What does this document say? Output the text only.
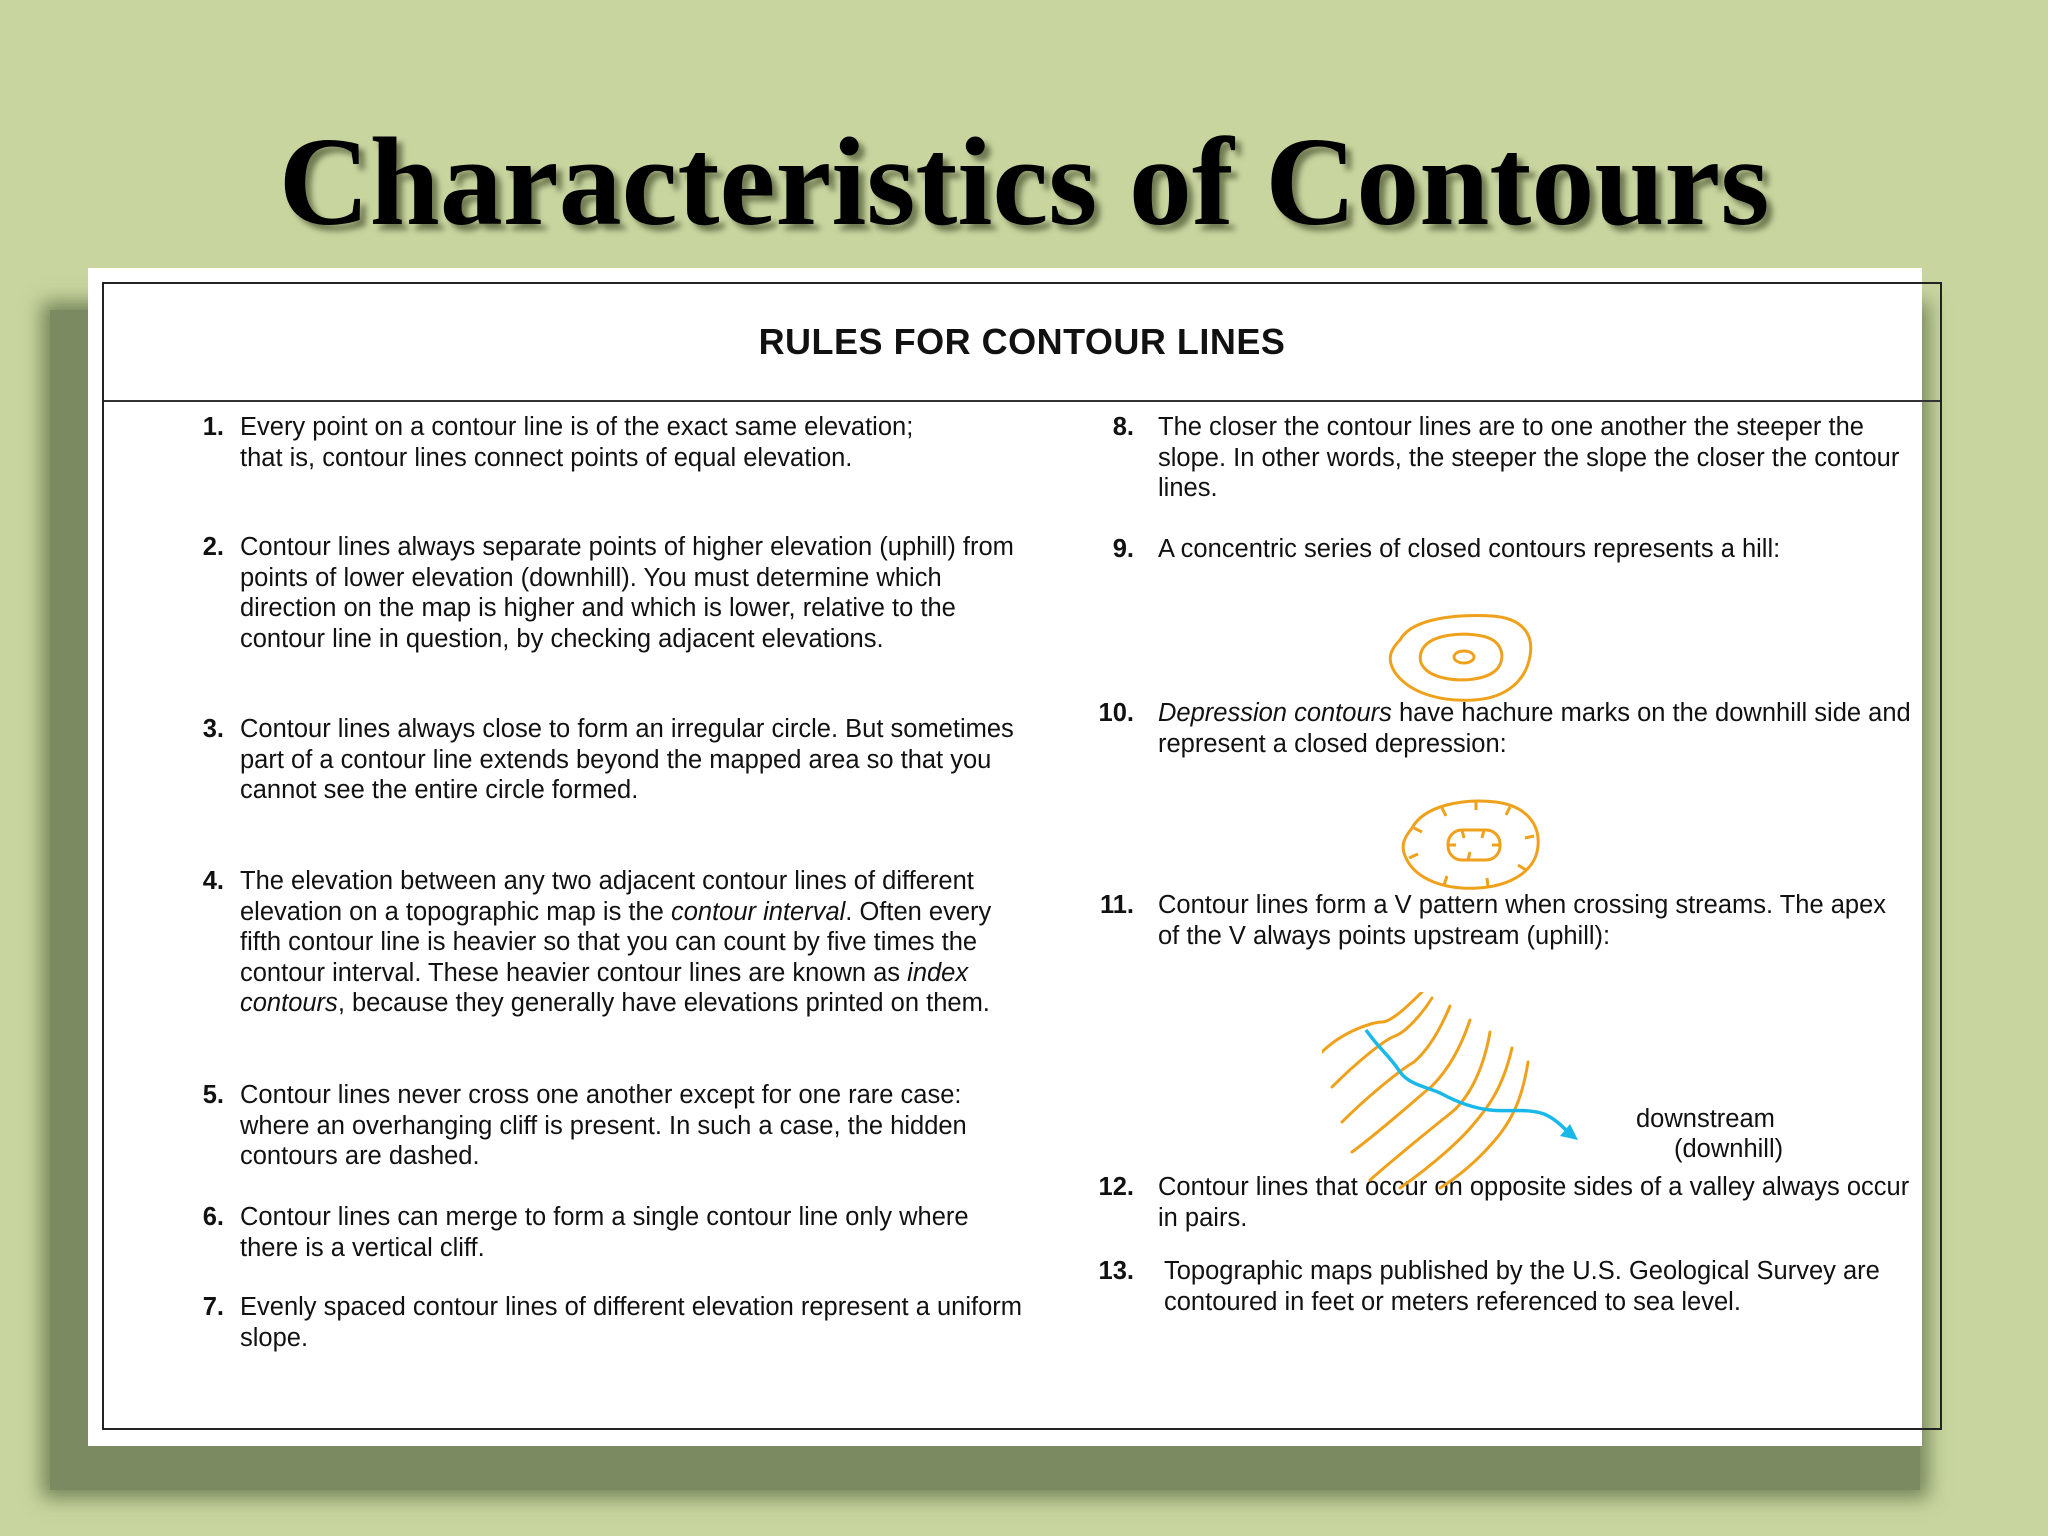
Characteristics of Contours
RULES FOR CONTOUR LINES
1. Every point on a contour line is of the exact same elevation; that is, contour lines connect points of equal elevation.
2. Contour lines always separate points of higher elevation (uphill) from points of lower elevation (downhill). You must determine which direction on the map is higher and which is lower, relative to the contour line in question, by checking adjacent elevations.
3. Contour lines always close to form an irregular circle. But sometimes part of a contour line extends beyond the mapped area so that you cannot see the entire circle formed.
4. The elevation between any two adjacent contour lines of different elevation on a topographic map is the contour interval. Often every fifth contour line is heavier so that you can count by five times the contour interval. These heavier contour lines are known as index contours, because they generally have elevations printed on them.
5. Contour lines never cross one another except for one rare case: where an overhanging cliff is present. In such a case, the hidden contours are dashed.
6. Contour lines can merge to form a single contour line only where there is a vertical cliff.
7. Evenly spaced contour lines of different elevation represent a uniform slope.
8. The closer the contour lines are to one another the steeper the slope. In other words, the steeper the slope the closer the contour lines.
9. A concentric series of closed contours represents a hill:
10. Depression contours have hachure marks on the downhill side and represent a closed depression:
11. Contour lines form a V pattern when crossing streams. The apex of the V always points upstream (uphill):
12. Contour lines that occur on opposite sides of a valley always occur in pairs.
13. Topographic maps published by the U.S. Geological Survey are contoured in feet or meters referenced to sea level.
downstream
(downhill)
